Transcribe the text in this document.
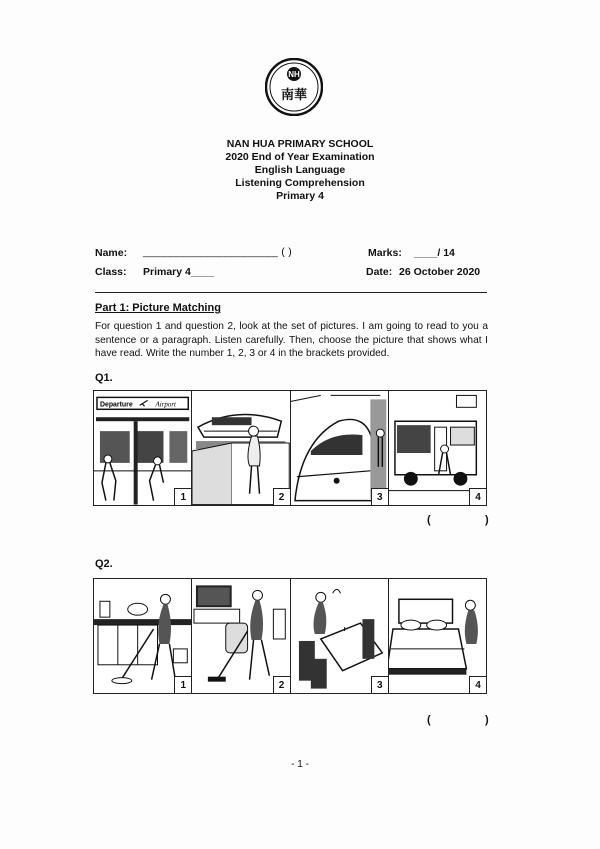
NH
南華
NAN HUA PRIMARY SCHOOL
2020 End of Year Examination
English Language
Listening Comprehension
Primary 4
Name: ______________________ ( )	Marks: ____/ 14
Class: Primary 4____	Date: 26 October 2020
Part 1: Picture Matching
For question 1 and question 2, look at the set of pictures. I am going to read to you a sentence or a paragraph. Listen carefully. Then, choose the picture that shows what I have read. Write the number 1, 2, 3 or 4 in the brackets provided.
Q1.
Departure	Airport
1	2	3	4
(	)
Q2.
1	2	3	4
(	)
- 1 -
